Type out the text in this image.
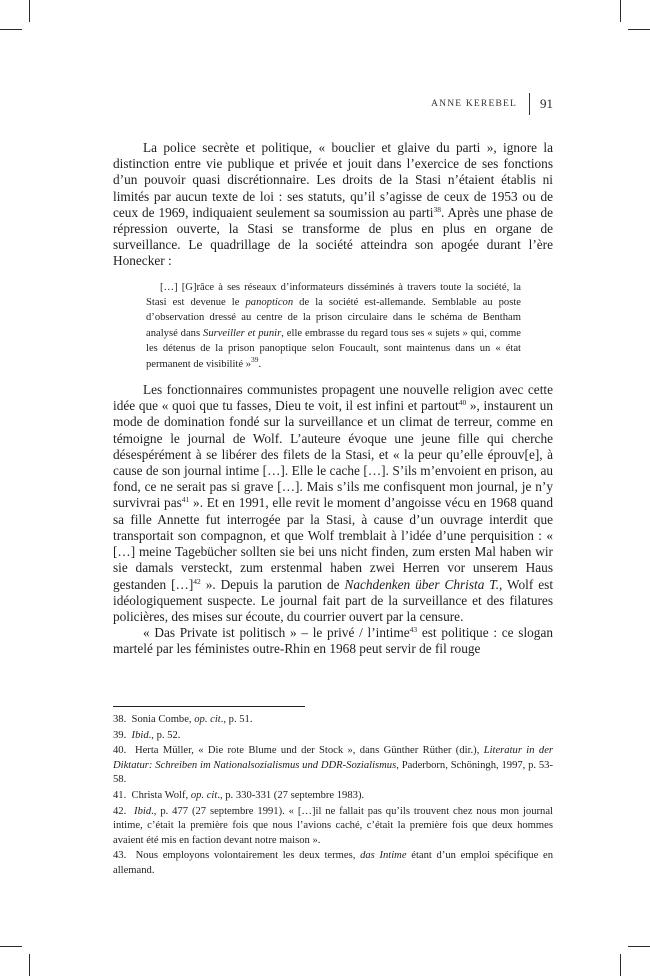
ANNE KEREBEL 91

La police secrète et politique, « bouclier et glaive du parti », ignore la distinction entre vie publique et privée et jouit dans l’exercice de ses fonctions d’un pouvoir quasi discrétionnaire. Les droits de la Stasi n’étaient établis ni limités par aucun texte de loi : ses statuts, qu’il s’agisse de ceux de 1953 ou de ceux de 1969, indiquaient seulement sa soumission au parti$^{38}$. Après une phase de répression ouverte, la Stasi se transforme de plus en plus en organe de surveillance. Le quadrillage de la société atteindra son apogée durant l’ère Honecker :

[…] [G]râce à ses réseaux d’informateurs disséminés à travers toute la société, la Stasi est devenue le panopticon de la société est-allemande. Semblable au poste d’observation dressé au centre de la prison circulaire dans le schéma de Bentham analysé dans Surveiller et punir, elle embrasse du regard tous ses « sujets » qui, comme les détenus de la prison panoptique selon Foucault, sont maintenus dans un « état permanent de visibilité »$^{39}$.

Les fonctionnaires communistes propagent une nouvelle religion avec cette idée que « quoi que tu fasses, Dieu te voit, il est infini et partout$^{40}$ », instaurent un mode de domination fondé sur la surveillance et un climat de terreur, comme en témoigne le journal de Wolf. L’auteure évoque une jeune fille qui cherche désespérément à se libérer des filets de la Stasi, et « la peur qu’elle éprouv[e], à cause de son journal intime […]. Elle le cache […]. S’ils m’envoient en prison, au fond, ce ne serait pas si grave […]. Mais s’ils me confisquent mon journal, je n’y survivrai pas$^{41}$ ». Et en 1991, elle revit le moment d’angoisse vécu en 1968 quand sa fille Annette fut interrogée par la Stasi, à cause d’un ouvrage interdit que transportait son compagnon, et que Wolf tremblait à l’idée d’une perquisition : « […] meine Tagebücher sollten sie bei uns nicht finden, zum ersten Mal haben wir sie damals versteckt, zum erstenmal haben zwei Herren vor unserem Haus gestanden […]$^{42}$ ». Depuis la parution de Nachdenken über Christa T., Wolf est idéologiquement suspecte. Le journal fait part de la surveillance et des filatures policières, des mises sur écoute, du courrier ouvert par la censure.

« Das Private ist politisch » – le privé / l’intime$^{43}$ est politique : ce slogan martelé par les féministes outre-Rhin en 1968 peut servir de fil rouge

38. Sonia Combe, op. cit., p. 51.

39. Ibid., p. 52.

40. Herta Müller, « Die rote Blume und der Stock », dans Günther Rüther (dir.), Literatur in der Diktatur: Schreiben im Nationalsozialismus und DDR-Sozialismus, Paderborn, Schöningh, 1997, p. 53-58.

41. Christa Wolf, op. cit., p. 330-331 (27 septembre 1983).

42. Ibid., p. 477 (27 septembre 1991). « […]il ne fallait pas qu’ils trouvent chez nous mon journal intime, c’était la première fois que nous l’avions caché, c’était la première fois que deux hommes avaient été mis en faction devant notre maison ».

43. Nous employons volontairement les deux termes, das Intime étant d’un emploi spécifique en allemand.
